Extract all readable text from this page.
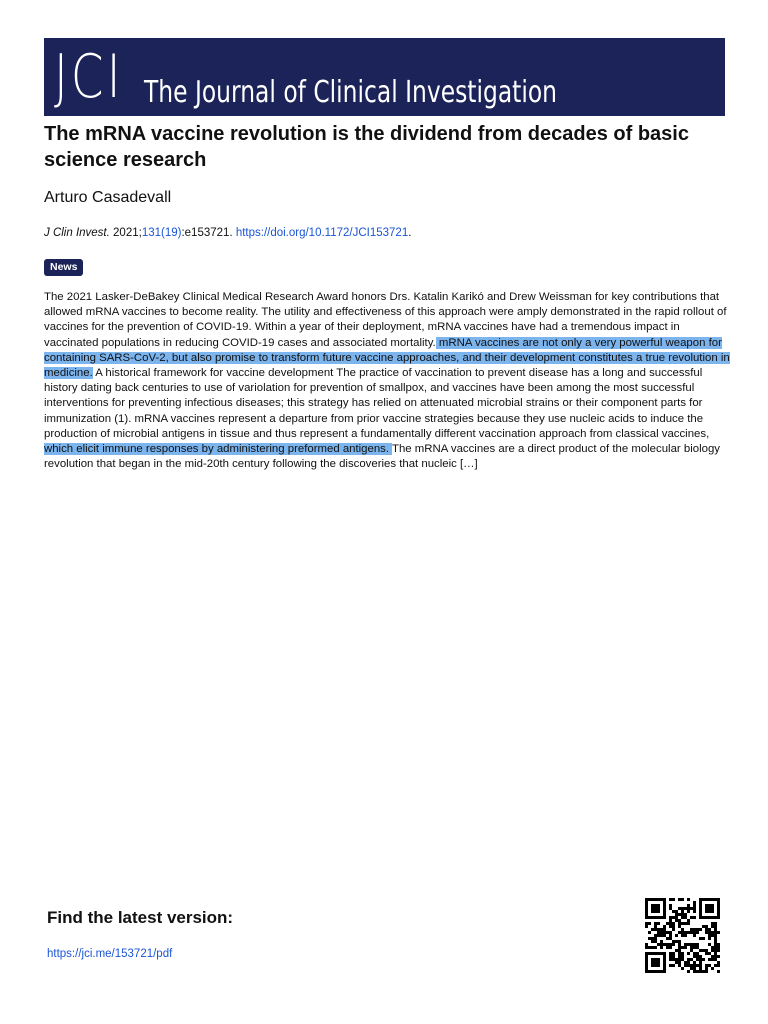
JCI The Journal of Clinical Investigation
The mRNA vaccine revolution is the dividend from decades of basic science research
Arturo Casadevall
J Clin Invest. 2021;131(19):e153721. https://doi.org/10.1172/JCI153721.
News
The 2021 Lasker-DeBakey Clinical Medical Research Award honors Drs. Katalin Karikó and Drew Weissman for key contributions that allowed mRNA vaccines to become reality. The utility and effectiveness of this approach were amply demonstrated in the rapid rollout of vaccines for the prevention of COVID-19. Within a year of their deployment, mRNA vaccines have had a tremendous impact in vaccinated populations in reducing COVID-19 cases and associated mortality. mRNA vaccines are not only a very powerful weapon for containing SARS-CoV-2, but also promise to transform future vaccine approaches, and their development constitutes a true revolution in medicine. A historical framework for vaccine development The practice of vaccination to prevent disease has a long and successful history dating back centuries to use of variolation for prevention of smallpox, and vaccines have been among the most successful interventions for preventing infectious diseases; this strategy has relied on attenuated microbial strains or their component parts for immunization (1). mRNA vaccines represent a departure from prior vaccine strategies because they use nucleic acids to induce the production of microbial antigens in tissue and thus represent a fundamentally different vaccination approach from classical vaccines, which elicit immune responses by administering preformed antigens. The mRNA vaccines are a direct product of the molecular biology revolution that began in the mid-20th century following the discoveries that nucleic […]
Find the latest version:
https://jci.me/153721/pdf
